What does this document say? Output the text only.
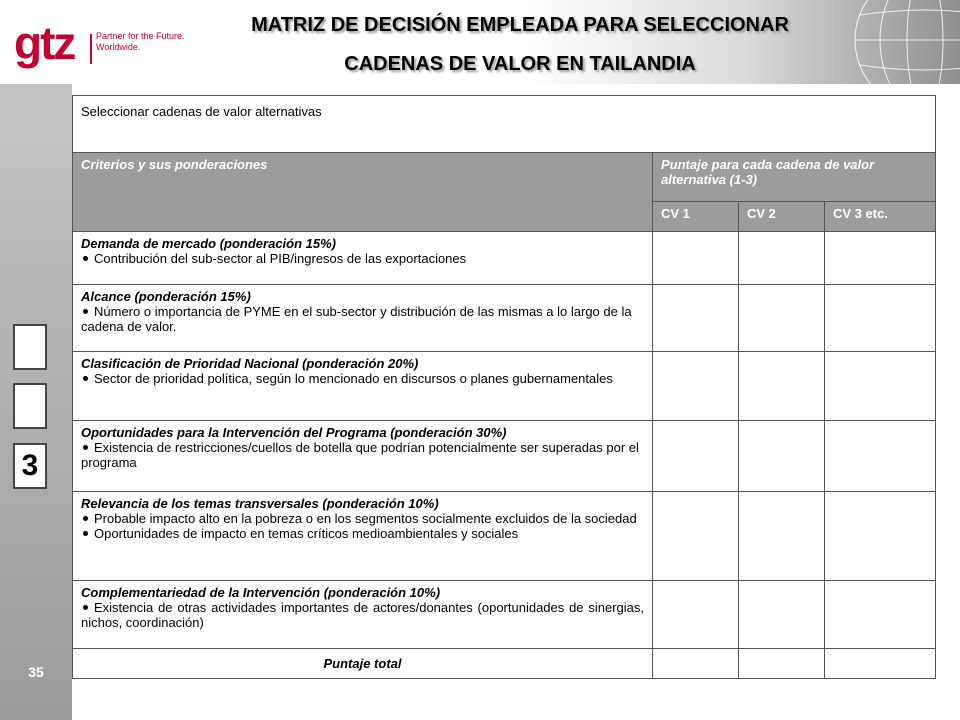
gtz Partner for the Future.
Worldwide.
MATRIZ DE DECISIÓN EMPLEADA PARA SELECCIONAR
CADENAS DE VALOR EN TAILANDIA
3
35
Seleccionar cadenas de valor alternativas			
Criterios y sus ponderaciones	Puntaje para cada cadena de valor alternativa (1-3)		
	CV 1	CV 2	CV 3 etc.

Demanda de mercado (ponderación 15%)
Contribución del sub-sector al PIB/ingresos de las exportaciones			

Alcance (ponderación 15%)
Número o importancia de PYME en el sub-sector y distribución de las mismas a lo largo de la cadena de valor.			

Clasificación de Prioridad Nacional (ponderación 20%)
Sector de prioridad política, según lo mencionado en discursos o planes gubernamentales			

Oportunidades para la Intervención del Programa (ponderación 30%)
Existencia de restricciones/cuellos de botella que podrían potencialmente ser superadas por el programa			

Relevancia de los temas transversales (ponderación 10%)
Probable impacto alto en la pobreza o en los segmentos socialmente excluidos de la sociedad
Oportunidades de impacto en temas críticos medioambientales y sociales			

Complementariedad de la Intervención (ponderación 10%)
Existencia de otras actividades importantes de actores/donantes (oportunidades de sinergias, nichos, coordinación)			

Puntaje total			
